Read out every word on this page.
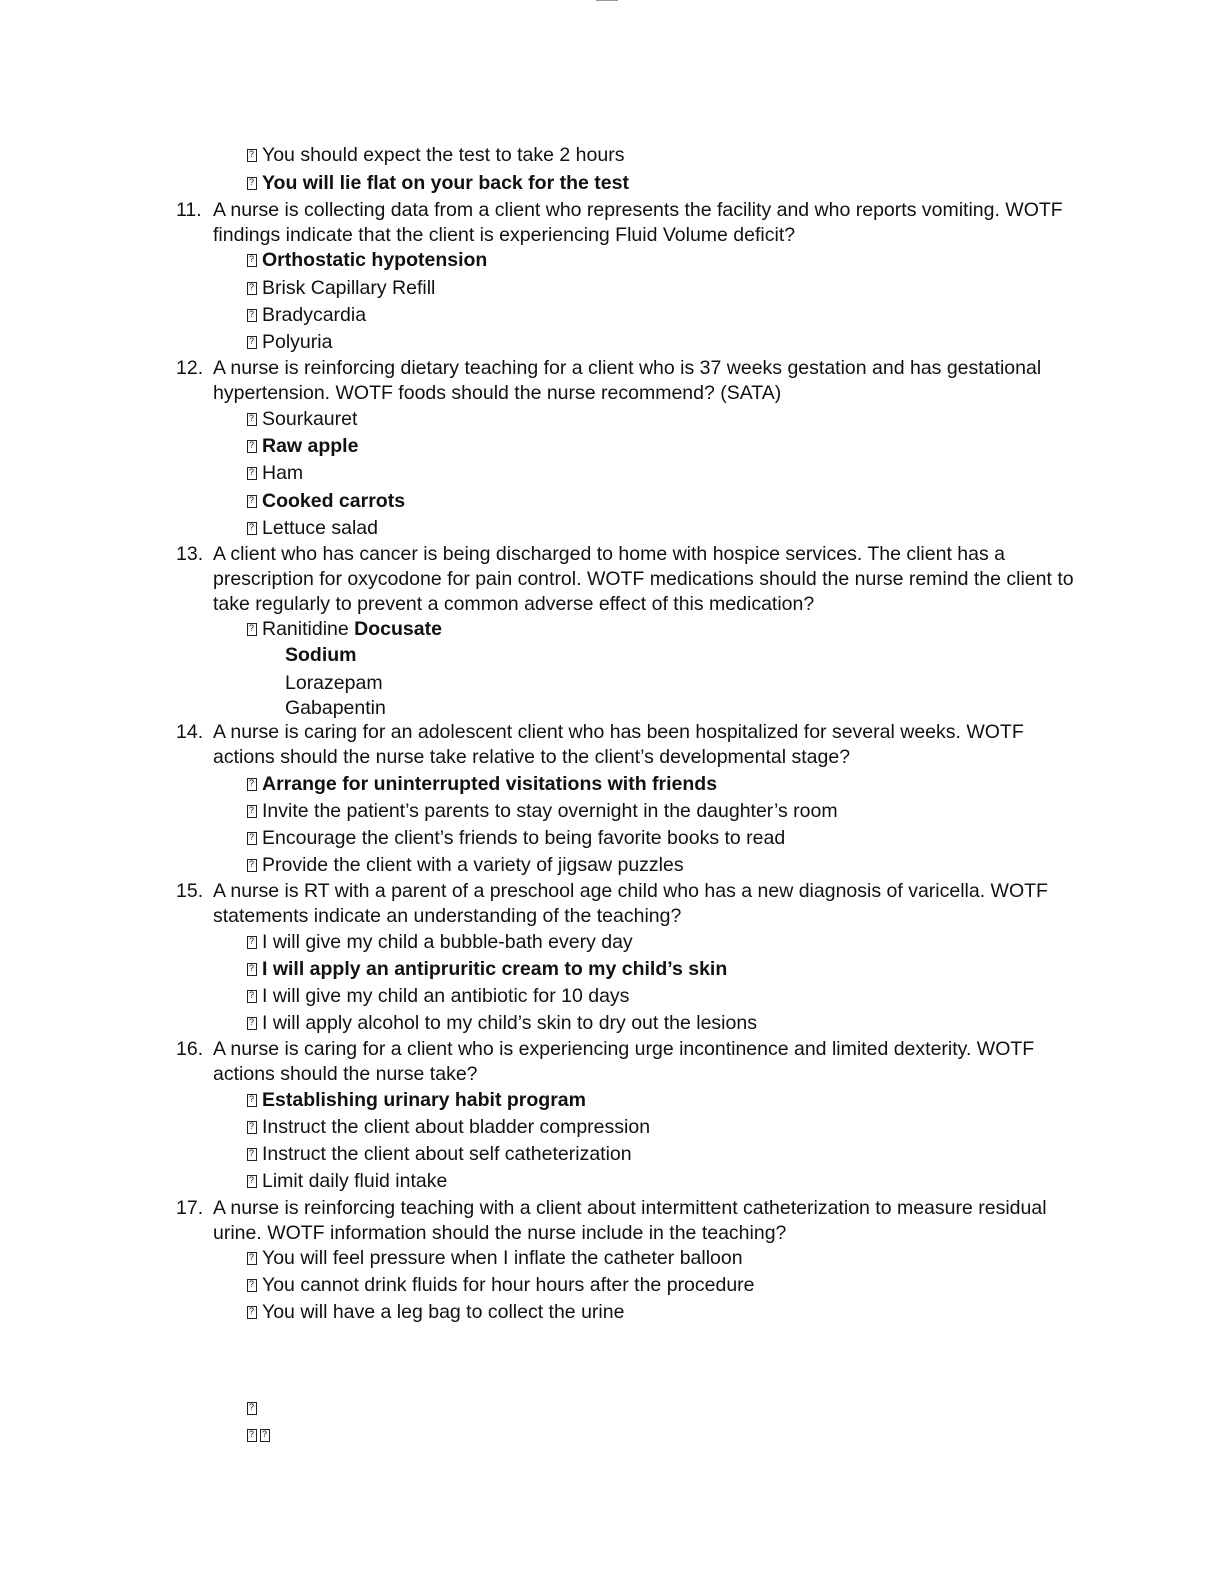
?You should expect the test to take 2 hours
?You will lie flat on your back for the test
11. A nurse is collecting data from a client who represents the facility and who reports vomiting. WOTF findings indicate that the client is experiencing Fluid Volume deficit?
?Orthostatic hypotension
?Brisk Capillary Refill
?Bradycardia
?Polyuria
12. A nurse is reinforcing dietary teaching for a client who is 37 weeks gestation and has gestational hypertension. WOTF foods should the nurse recommend? (SATA)
?Sourkauret
?Raw apple
?Ham
?Cooked carrots
?Lettuce salad
13. A client who has cancer is being discharged to home with hospice services. The client has a prescription for oxycodone for pain control. WOTF medications should the nurse remind the client to take regularly to prevent a common adverse effect of this medication?
?Ranitidine Docusate
Sodium
Lorazepam
Gabapentin
14. A nurse is caring for an adolescent client who has been hospitalized for several weeks. WOTF actions should the nurse take relative to the client’s developmental stage?
?Arrange for uninterrupted visitations with friends
?Invite the patient’s parents to stay overnight in the daughter’s room
?Encourage the client’s friends to being favorite books to read
?Provide the client with a variety of jigsaw puzzles
15. A nurse is RT with a parent of a preschool age child who has a new diagnosis of varicella. WOTF statements indicate an understanding of the teaching?
?I will give my child a bubble-bath every day
?I will apply an antipruritic cream to my child’s skin
?I will give my child an antibiotic for 10 days
?I will apply alcohol to my child’s skin to dry out the lesions
16. A nurse is caring for a client who is experiencing urge incontinence and limited dexterity. WOTF actions should the nurse take?
?Establishing urinary habit program
?Instruct the client about bladder compression
?Instruct the client about self catheterization
?Limit daily fluid intake
17. A nurse is reinforcing teaching with a client about intermittent catheterization to measure residual urine. WOTF information should the nurse include in the teaching?
?You will feel pressure when I inflate the catheter balloon
?You cannot drink fluids for hour hours after the procedure
?You will have a leg bag to collect the urine
?
??
